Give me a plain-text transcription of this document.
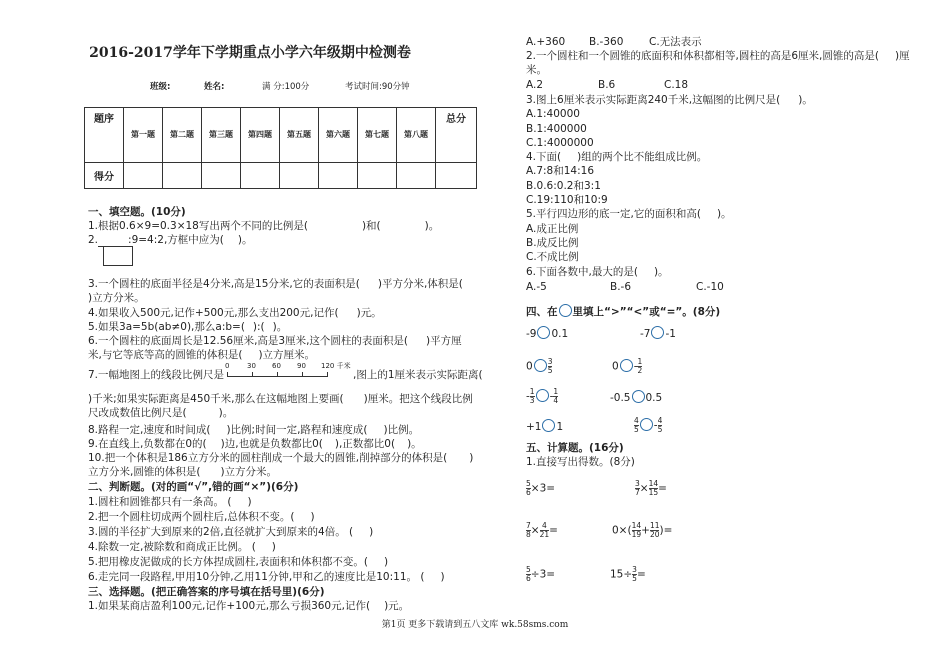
2016-2017学年下学期重点小学六年级期中检测卷
班级:	姓名:	满 分:100分	考试时间:90分钟
题序	第一题	第二题	第三题	第四题	第五题	第六题	第七题	第八题	总分

得分									

一、填空题。(10分)
1.根据0.6×9=0.3×18写出两个不同的比例是(	)和(	)。
2.	:9=4:2,方框中应为( )。
3.一个圆柱的底面半径是4分米,高是15分米,它的表面积是( )平方分米,体积是(
)立方分米。
4.如果收入500元,记作+500元,那么支出200元,记作( )元。
5.如果3a=5b(ab≠0),那么a:b=( ):( )。
6.一个圆柱的底面周长是12.56厘米,高是3厘米,这个圆柱的表面积是( )平方厘
米,与它等底等高的圆锥的体积是( )立方厘米。
7.一幅地图上的线段比例尺是
0	30 60 90 120 千米
,图上的1厘米表示实际距离(
)千米;如果实际距离是450千米,那么在这幅地图上要画( )厘米。把这个线段比例
尺改成数值比例尺是(	)。
8.路程一定,速度和时间成( )比例;时间一定,路程和速度成( )比例。
9.在直线上,负数都在0的( )边,也就是负数都比0( ),正数都比0( )。
10.把一个体积是186立方分米的圆柱削成一个最大的圆锥,削掉部分的体积是( )
立方分米,圆锥的体积是( )立方分米。
二、判断题。(对的画“√”,错的画“×”)(6分)
1.圆柱和圆锥都只有一条高。 ( )
2.把一个圆柱切成两个圆柱后,总体积不变。( )
3.圆的半径扩大到原来的2倍,直径就扩大到原来的4倍。 ( )
4.除数一定,被除数和商成正比例。 ( )
5.把用橡皮泥做成的长方体捏成圆柱,表面积和体积都不变。( )
6.走完同一段路程,甲用10分钟,乙用11分钟,甲和乙的速度比是10:11。 ( )
三、选择题。(把正确答案的序号填在括号里)(6分)
1.如果某商店盈利100元,记作+100元,那么亏损360元,记作( )元。
A.+360 B.-360 C.无法表示
2.一个圆柱和一个圆锥的底面积和体积都相等,圆柱的高是6厘米,圆锥的高是( )厘
米。
A.2	B.6	C.18
3.图上6厘米表示实际距离240千米,这幅图的比例尺是( )。
A.1:40000
B.1:400000
C.1:4000000
4.下面( )组的两个比不能组成比例。
A.7:8和14:16
B.0.6:0.2和3:1
C.19:110和10:9
5.平行四边形的底一定,它的面积和高( )。
A.成正比例
B.成反比例
C.不成比例
6.下面各数中,最大的是( )。
A.-5	B.-6	C.-10
四、在 里填上“>”“<”或“=”。(8分)
-9 0.1	-7 -1
$0 \frac{3}{5}$	$0 - \frac{1}{2}$
- $\frac{1}{3} - \frac{1}{4}$	-0.5 0.5
+1 1	$\frac{4}{5} - \frac{4}{5}$
五、计算题。(16分)
1.直接写出得数。(8分)
$\frac{5}{6} \times 3=$	$\frac{3}{7} \times \frac{14}{15}$ =
$\frac{7}{8} \times \frac{4}{21}$ =	$0\times( \frac{14}{19} + \frac{11}{20}$ )=
$\frac{5}{6} \div 3=$	$15\div \frac{3}{5}$ =
第1页 更多下载请到五八文库 wk.58sms.com
